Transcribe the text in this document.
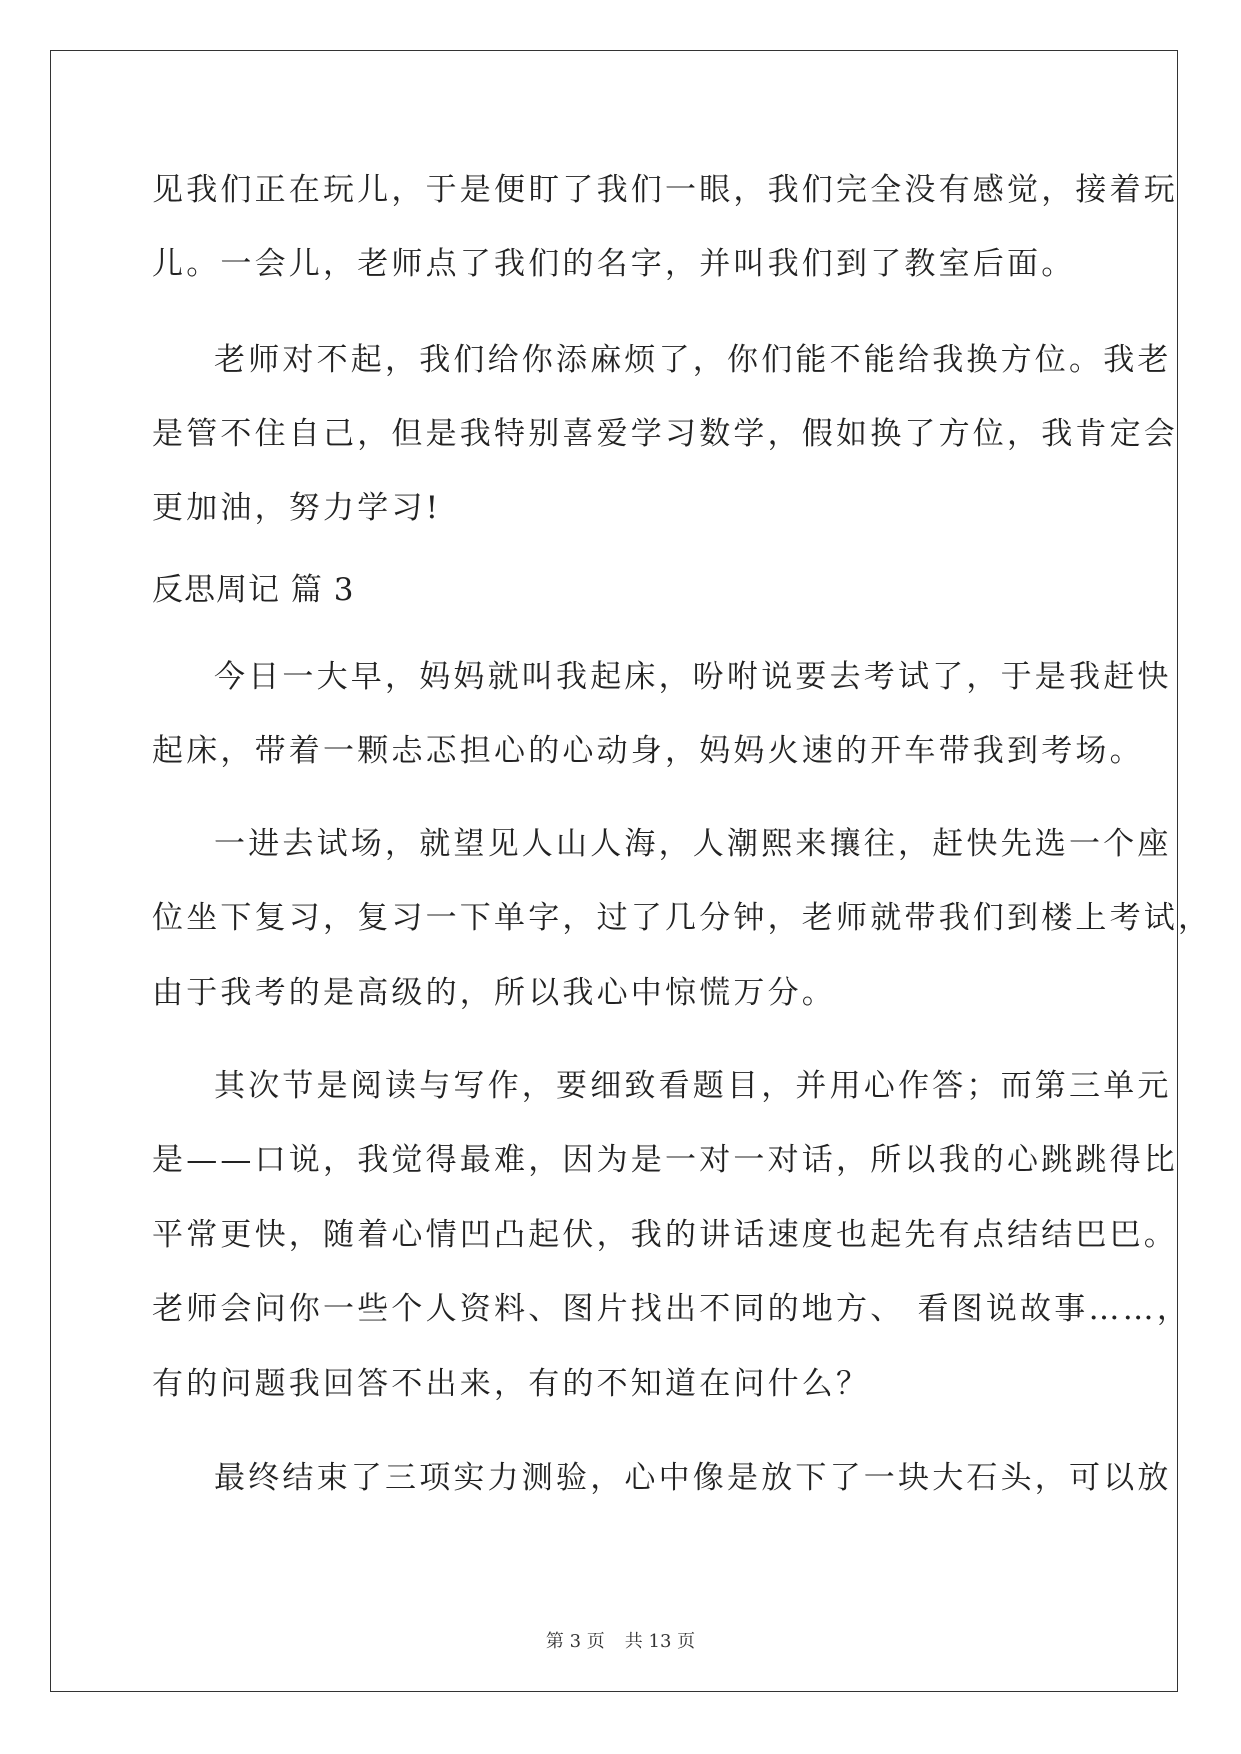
见我们正在玩儿，于是便盯了我们一眼，我们完全没有感觉，接着玩
儿。一会儿，老师点了我们的名字，并叫我们到了教室后面。
老师对不起，我们给你添麻烦了，你们能不能给我换方位。我老
是管不住自己，但是我特别喜爱学习数学，假如换了方位，我肯定会
更加油，努力学习!
反思周记 篇 3
今日一大早，妈妈就叫我起床，吩咐说要去考试了，于是我赶快
起床，带着一颗忐忑担心的心动身，妈妈火速的开车带我到考场。
一进去试场，就望见人山人海，人潮熙来攘往，赶快先选一个座
位坐下复习，复习一下单字，过了几分钟，老师就带我们到楼上考试，
由于我考的是高级的，所以我心中惊慌万分。
其次节是阅读与写作，要细致看题目，并用心作答；而第三单元
是——口说，我觉得最难，因为是一对一对话，所以我的心跳跳得比
平常更快，随着心情凹凸起伏，我的讲话速度也起先有点结结巴巴。
老师会问你一些个人资料、图片找出不同的地方、 看图说故事……，
有的问题我回答不出来，有的不知道在问什么？
最终结束了三项实力测验，心中像是放下了一块大石头，可以放
第 3 页 共 13 页
